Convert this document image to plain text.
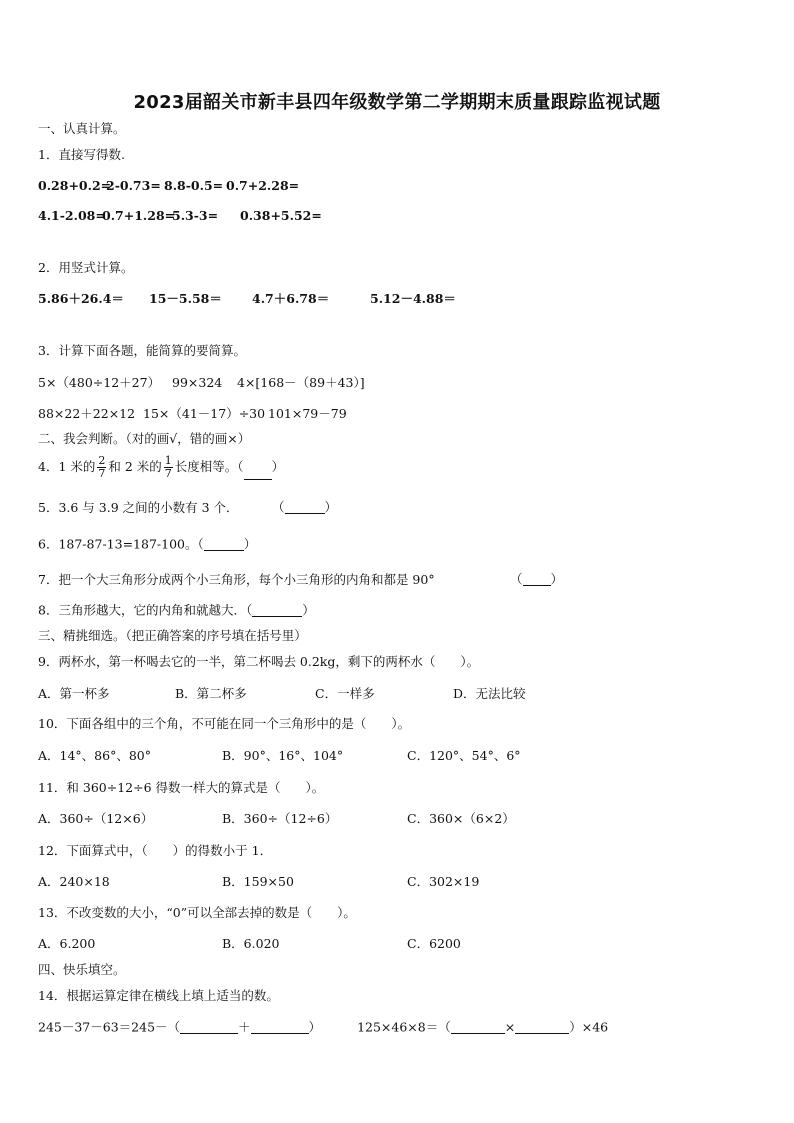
2023届韶关市新丰县四年级数学第二学期期末质量跟踪监视试题
一、认真计算。
1．直接写得数.
0.28+0.2=2-0.73= 8.8-0.5= 0.7+2.28=
4.1-2.08=0.7+1.28=5.3-3= 0.38+5.52=
2．用竖式计算。
5.86＋26.4＝ 15－5.58＝ 4.7＋6.78＝	5.12－4.88＝
3．计算下面各题，能简算的要简算。
5×（480÷12＋27） 99×324 4×[168－（89＋43）]
88×22＋22×12 15×（41－17）÷30 101×79－79
二、我会判断。（对的画√，错的画×）
4．1 米的 $\frac{2}{7}$ 和 2 米的 $\frac{1}{7}$ 长度相等。（ ）
5．3.6 与 3.9 之间的小数有 3 个．	（	）
6．187-87-13=187-100。（	）
7．把一个大三角形分成两个小三角形，每个小三角形的内角和都是 90°	（ ）
8．三角形越大，它的内角和就越大．（	）
三、精挑细选。（把正确答案的序号填在括号里）
9．两杯水，第一杯喝去它的一半，第二杯喝去 0.2kg，剩下的两杯水（　　）。
A．第一杯多	B．第二杯多	C．一样多	D．无法比较
10．下面各组中的三个角，不可能在同一个三角形中的是（　　）。
A．14°、86°、80°	B．90°、16°、104°	C．120°、54°、6°
11．和 360÷12÷6 得数一样大的算式是（　　）。
A．360÷（12×6）	B．360÷（12÷6）	C．360×（6×2）
12．下面算式中，（　　）的得数小于 1．
A．240×18	B．159×50	C．302×19
13．不改变数的大小，“0”可以全部去掉的数是（　　）。
A．6.200	B．6.020	C．6200
四、快乐填空。
14．根据运算定律在横线上填上适当的数。
245－37－63＝245－（	＋	）	125×46×8＝（	×	）×46
